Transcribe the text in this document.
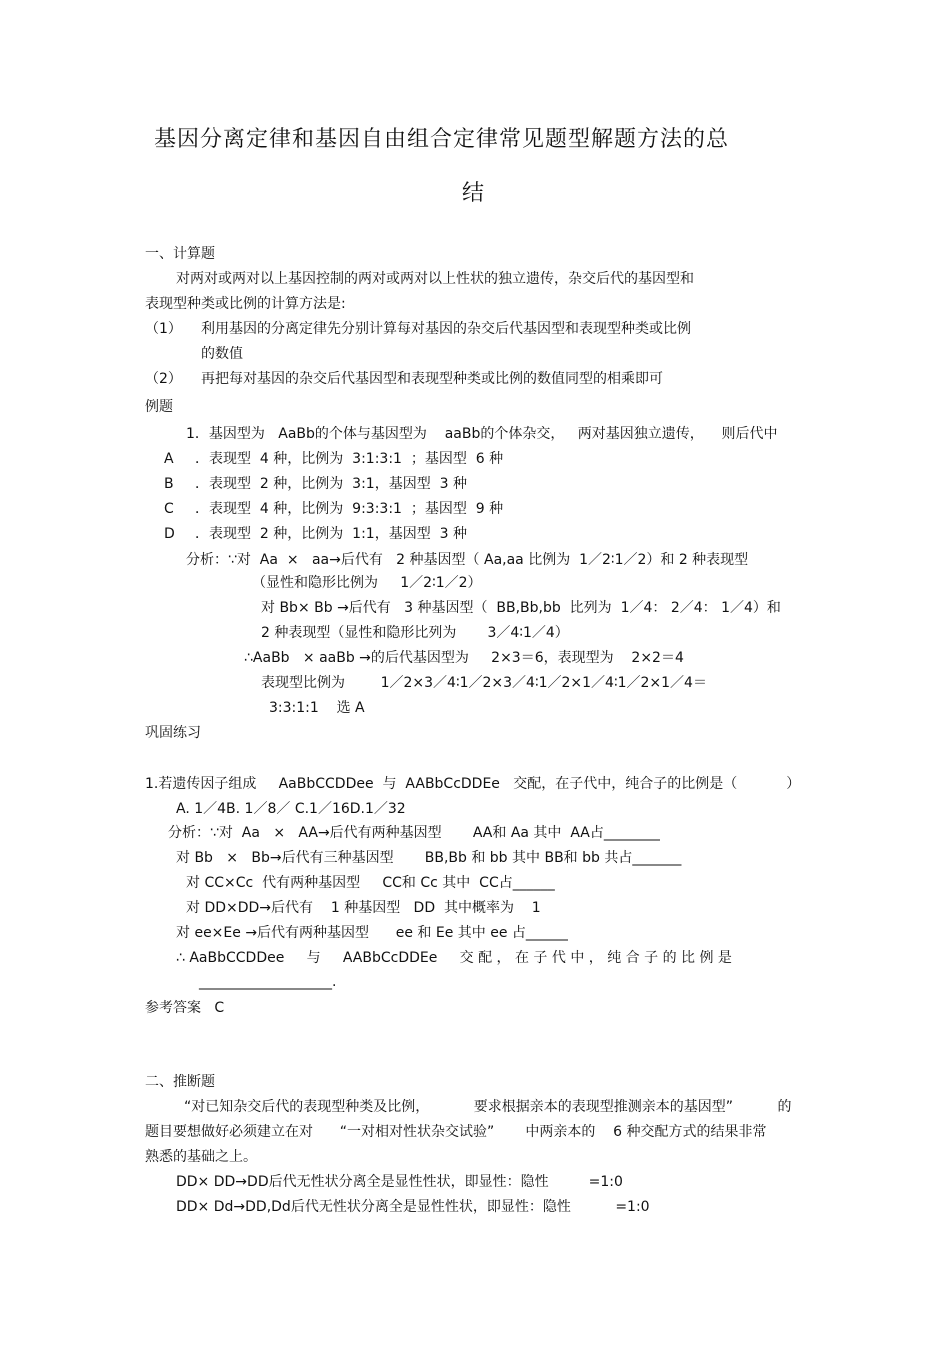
基因分离定律和基因自由组合定律常见题型解题方法的总
结
一、计算题
对两对或两对以上基因控制的两对或两对以上性状的独立遗传，杂交后代的基因型和
表现型种类或比例的计算方法是:
（1） 利用基因的分离定律先分别计算每对基因的杂交后代基因型和表现型种类或比例
的数值
（2） 再把每对基因的杂交后代基因型和表现型种类或比例的数值同型的相乘即可
例题
1．基因型为   AaBb的个体与基因型为    aaBb的个体杂交，   两对基因独立遗传，    则后代中
A ．表现型  4 种，比例为  3:1:3:1  ；基因型  6 种
B ．表现型  2 种，比例为  3:1，基因型  3 种
C ．表现型  4 种，比例为  9:3:3:1  ；基因型  9 种
D ．表现型  2 种，比例为  1:1，基因型  3 种
分析：∵对  Aa  ×   aa→后代有   2 种基因型（ Aa,aa 比例为  1／2∶1／2）和 2 种表现型
（显性和隐形比例为     1／2∶1／2）
对 Bb× Bb →后代有   3 种基因型（  BB,Bb,bb  比列为  1／4： 2／4： 1／4）和
2 种表现型（显性和隐形比列为       3／4∶1／4）
∴AaBb   × aaBb →的后代基因型为     2×3＝6，表现型为    2×2＝4
表现型比例为        1／2×3／4∶1／2×3／4∶1／2×1／4∶1／2×1／4＝
3:3:1:1    选 A
巩固练习
1.若遗传因子组成     AaBbCCDDee  与  AABbCcDDEe   交配，在子代中，纯合子的比例是（           ）
A. 1／4B. 1／8／ C.1／16D.1／32
分析：∵对  Aa   ×   AA→后代有两种基因型       AA和 Aa 其中  AA占________
对 Bb   ×   Bb→后代有三种基因型       BB,Bb 和 bb 其中 BB和 bb 共占_______
对 CC×Cc  代有两种基因型     CC和 Cc 其中  CC占______
对 DD×DD→后代有    1 种基因型   DD  其中概率为    1
对 ee×Ee →后代有两种基因型      ee 和 Ee 其中 ee 占______
∴ AaBbCCDDee     与     AABbCcDDEe     交 配 ， 在 子 代 中 ， 纯 合 子 的 比 例 是
___________________.
参考答案   C
二、推断题
“对已知杂交后代的表现型种类及比例，          要求根据亲本的表现型推测亲本的基因型”          的
题目要想做好必须建立在对      “一对相对性状杂交试验”       中两亲本的    6 种交配方式的结果非常
熟悉的基础之上。
DD× DD→DD后代无性状分离全是显性性状，即显性：隐性         =1:0
DD× Dd→DD,Dd后代无性状分离全是显性性状，即显性：隐性          =1:0
